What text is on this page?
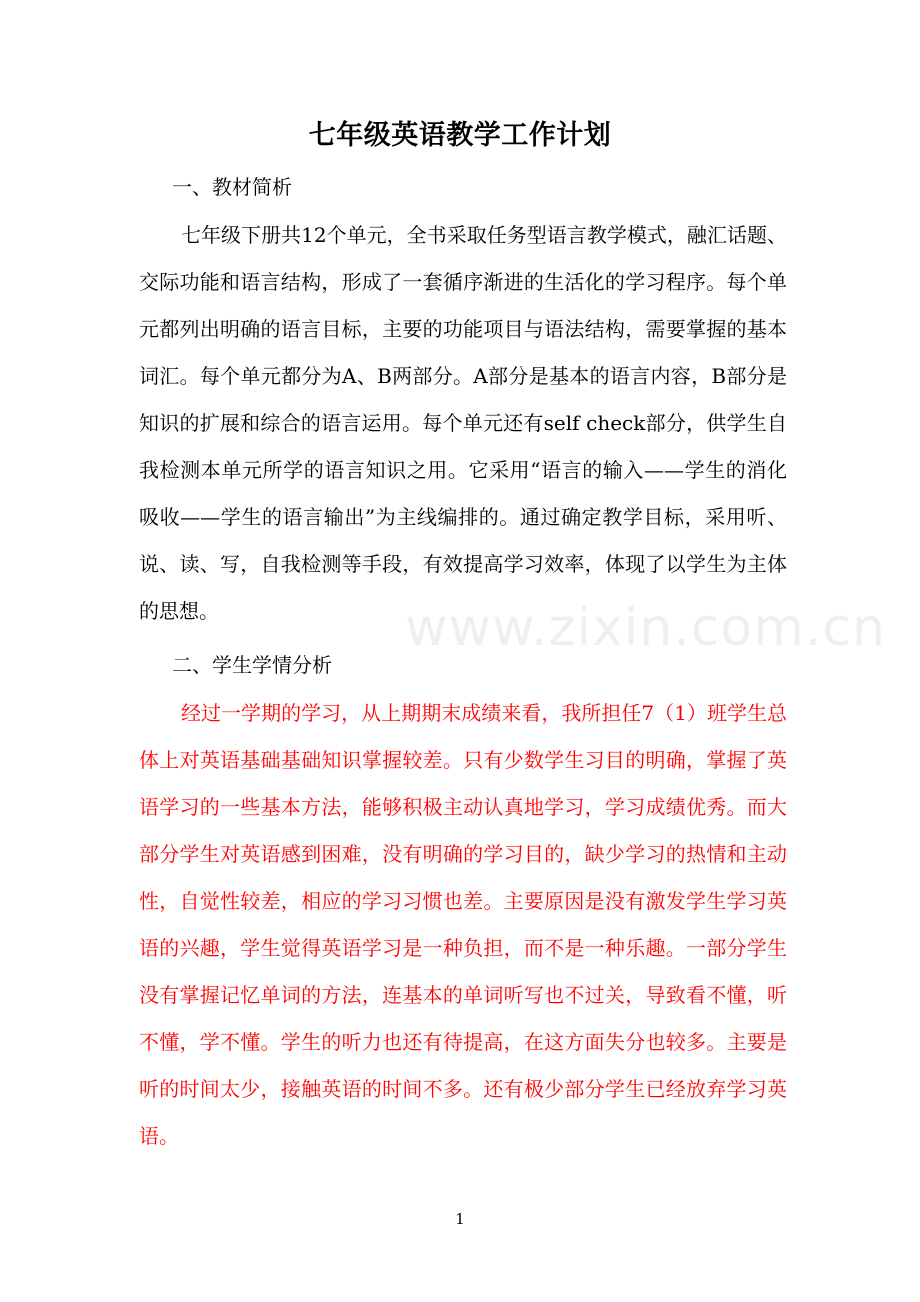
七年级英语教学工作计划
一、教材简析
七年级下册共12个单元，全书采取任务型语言教学模式，融汇话题、交际功能和语言结构，形成了一套循序渐进的生活化的学习程序。每个单元都列出明确的语言目标，主要的功能项目与语法结构，需要掌握的基本词汇。每个单元都分为A、B两部分。A部分是基本的语言内容，B部分是知识的扩展和综合的语言运用。每个单元还有self check部分，供学生自我检测本单元所学的语言知识之用。它采用“语言的输入——学生的消化吸收——学生的语言输出”为主线编排的。通过确定教学目标，采用听、说、读、写，自我检测等手段，有效提高学习效率，体现了以学生为主体的思想。	www.zixin.com.cn
二、学生学情分析
经过一学期的学习，从上期期末成绩来看，我所担任7（1）班学生总体上对英语基础基础知识掌握较差。只有少数学生习目的明确，掌握了英语学习的一些基本方法，能够积极主动认真地学习，学习成绩优秀。而大部分学生对英语感到困难，没有明确的学习目的，缺少学习的热情和主动性，自觉性较差，相应的学习习惯也差。主要原因是没有激发学生学习英语的兴趣，学生觉得英语学习是一种负担，而不是一种乐趣。一部分学生没有掌握记忆单词的方法，连基本的单词听写也不过关，导致看不懂，听不懂，学不懂。学生的听力也还有待提高，在这方面失分也较多。主要是听的时间太少，接触英语的时间不多。还有极少部分学生已经放弃学习英语。
1
